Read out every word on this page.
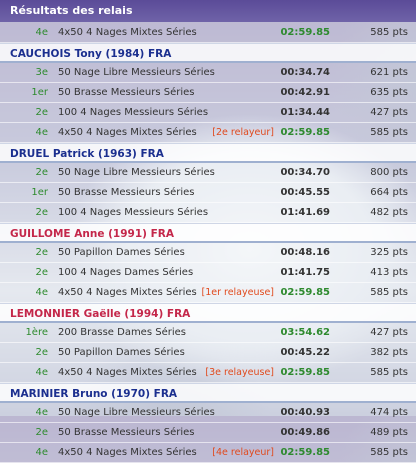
Résultats des relais
4e 4x50 4 Nages Mixtes Séries	02:59.85	585 pts
CAUCHOIS Tony (1984) FRA
3e 50 Nage Libre Messieurs Séries	00:34.74	621 pts
1er 50 Brasse Messieurs Séries	00:42.91	635 pts
2e 100 4 Nages Messieurs Séries	01:34.44	427 pts
4e 4x50 4 Nages Mixtes Séries [2e relayeur] 02:59.85	585 pts
DRUEL Patrick (1963) FRA
2e 50 Nage Libre Messieurs Séries	00:34.70	800 pts
1er 50 Brasse Messieurs Séries	00:45.55	664 pts
2e 100 4 Nages Messieurs Séries	01:41.69	482 pts
GUILLOME Anne (1991) FRA
2e 50 Papillon Dames Séries	00:48.16	325 pts
2e 100 4 Nages Dames Séries	01:41.75	413 pts
4e 4x50 4 Nages Mixtes Séries [1er relayeuse] 02:59.85	585 pts
LEMONNIER Gaëlle (1994) FRA
1ère 200 Brasse Dames Séries	03:54.62	427 pts
2e 50 Papillon Dames Séries	00:45.22	382 pts
4e 4x50 4 Nages Mixtes Séries [3e relayeuse] 02:59.85	585 pts
MARINIER Bruno (1970) FRA
4e 50 Nage Libre Messieurs Séries	00:40.93	474 pts
2e 50 Brasse Messieurs Séries	00:49.86	489 pts
4e 4x50 4 Nages Mixtes Séries [4e relayeur] 02:59.85	585 pts
